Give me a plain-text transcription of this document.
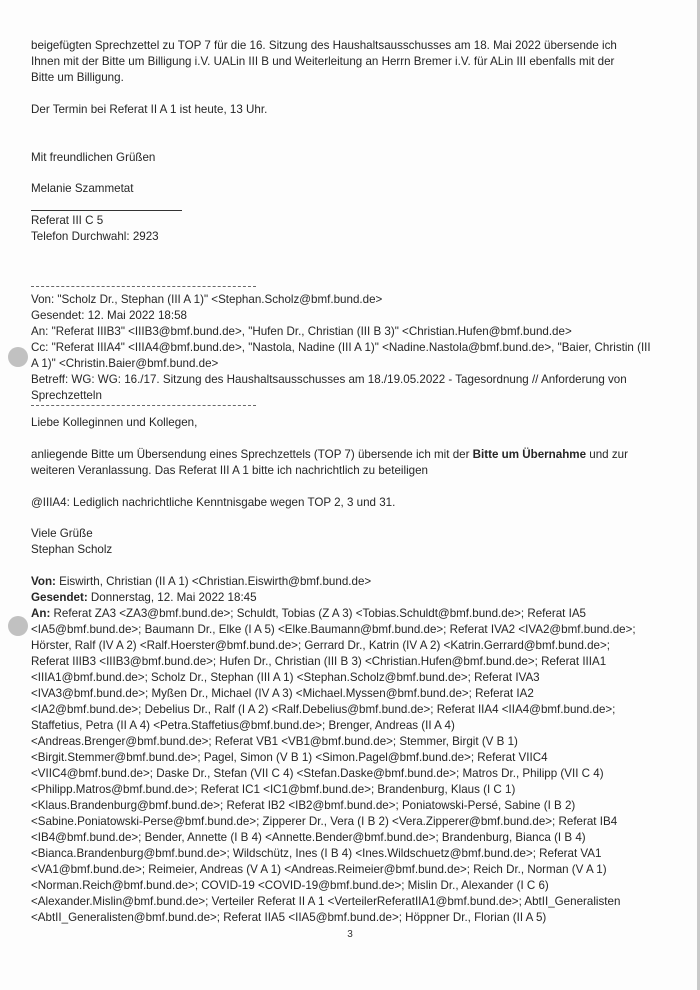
beigefügten Sprechzettel zu TOP 7 für die 16. Sitzung des Haushaltsausschusses am 18. Mai 2022 übersende ich
Ihnen mit der Bitte um Billigung i.V. UALin III B und Weiterleitung an Herrn Bremer i.V. für ALin III ebenfalls mit der
Bitte um Billigung.
Der Termin bei Referat II A 1 ist heute, 13 Uhr.
Mit freundlichen Grüßen
Melanie Szammetat
Referat III C 5
Telefon Durchwahl: 2923
Von: "Scholz Dr., Stephan (III A 1)" <Stephan.Scholz@bmf.bund.de>
Gesendet: 12. Mai 2022 18:58
An: "Referat IIIB3" <IIIB3@bmf.bund.de>, "Hufen Dr., Christian (III B 3)" <Christian.Hufen@bmf.bund.de>
Cc: "Referat IIIA4" <IIIA4@bmf.bund.de>, "Nastola, Nadine (III A 1)" <Nadine.Nastola@bmf.bund.de>, "Baier, Christin (III
A 1)" <Christin.Baier@bmf.bund.de>
Betreff: WG: WG: 16./17. Sitzung des Haushaltsausschusses am 18./19.05.2022 - Tagesordnung // Anforderung von
Sprechzetteln
Liebe Kolleginnen und Kollegen,
anliegende Bitte um Übersendung eines Sprechzettels (TOP 7) übersende ich mit der Bitte um Übernahme und zur
weiteren Veranlassung. Das Referat III A 1 bitte ich nachrichtlich zu beteiligen
@IIIA4: Lediglich nachrichtliche Kenntnisgabe wegen TOP 2, 3 und 31.
Viele Grüße
Stephan Scholz
Von: Eiswirth, Christian (II A 1) <Christian.Eiswirth@bmf.bund.de>
Gesendet: Donnerstag, 12. Mai 2022 18:45
An: Referat ZA3 <ZA3@bmf.bund.de>; Schuldt, Tobias (Z A 3) <Tobias.Schuldt@bmf.bund.de>; Referat IA5
<IA5@bmf.bund.de>; Baumann Dr., Elke (I A 5) <Elke.Baumann@bmf.bund.de>; Referat IVA2 <IVA2@bmf.bund.de>;
Hörster, Ralf (IV A 2) <Ralf.Hoerster@bmf.bund.de>; Gerrard Dr., Katrin (IV A 2) <Katrin.Gerrard@bmf.bund.de>;
Referat IIIB3 <IIIB3@bmf.bund.de>; Hufen Dr., Christian (III B 3) <Christian.Hufen@bmf.bund.de>; Referat IIIA1
<IIIA1@bmf.bund.de>; Scholz Dr., Stephan (III A 1) <Stephan.Scholz@bmf.bund.de>; Referat IVA3
<IVA3@bmf.bund.de>; Myßen Dr., Michael (IV A 3) <Michael.Myssen@bmf.bund.de>; Referat IA2
<IA2@bmf.bund.de>; Debelius Dr., Ralf (I A 2) <Ralf.Debelius@bmf.bund.de>; Referat IIA4 <IIA4@bmf.bund.de>;
Staffetius, Petra (II A 4) <Petra.Staffetius@bmf.bund.de>; Brenger, Andreas (II A 4)
<Andreas.Brenger@bmf.bund.de>; Referat VB1 <VB1@bmf.bund.de>; Stemmer, Birgit (V B 1)
<Birgit.Stemmer@bmf.bund.de>; Pagel, Simon (V B 1) <Simon.Pagel@bmf.bund.de>; Referat VIIC4
<VIIC4@bmf.bund.de>; Daske Dr., Stefan (VII C 4) <Stefan.Daske@bmf.bund.de>; Matros Dr., Philipp (VII C 4)
<Philipp.Matros@bmf.bund.de>; Referat IC1 <IC1@bmf.bund.de>; Brandenburg, Klaus (I C 1)
<Klaus.Brandenburg@bmf.bund.de>; Referat IB2 <IB2@bmf.bund.de>; Poniatowski-Persé, Sabine (I B 2)
<Sabine.Poniatowski-Perse@bmf.bund.de>; Zipperer Dr., Vera (I B 2) <Vera.Zipperer@bmf.bund.de>; Referat IB4
<IB4@bmf.bund.de>; Bender, Annette (I B 4) <Annette.Bender@bmf.bund.de>; Brandenburg, Bianca (I B 4)
<Bianca.Brandenburg@bmf.bund.de>; Wildschütz, Ines (I B 4) <Ines.Wildschuetz@bmf.bund.de>; Referat VA1
<VA1@bmf.bund.de>; Reimeier, Andreas (V A 1) <Andreas.Reimeier@bmf.bund.de>; Reich Dr., Norman (V A 1)
<Norman.Reich@bmf.bund.de>; COVID-19 <COVID-19@bmf.bund.de>; Mislin Dr., Alexander (I C 6)
<Alexander.Mislin@bmf.bund.de>; Verteiler Referat II A 1 <VerteilerReferatIIA1@bmf.bund.de>; AbtII_Generalisten
<AbtII_Generalisten@bmf.bund.de>; Referat IIA5 <IIA5@bmf.bund.de>; Höppner Dr., Florian (II A 5)
3
